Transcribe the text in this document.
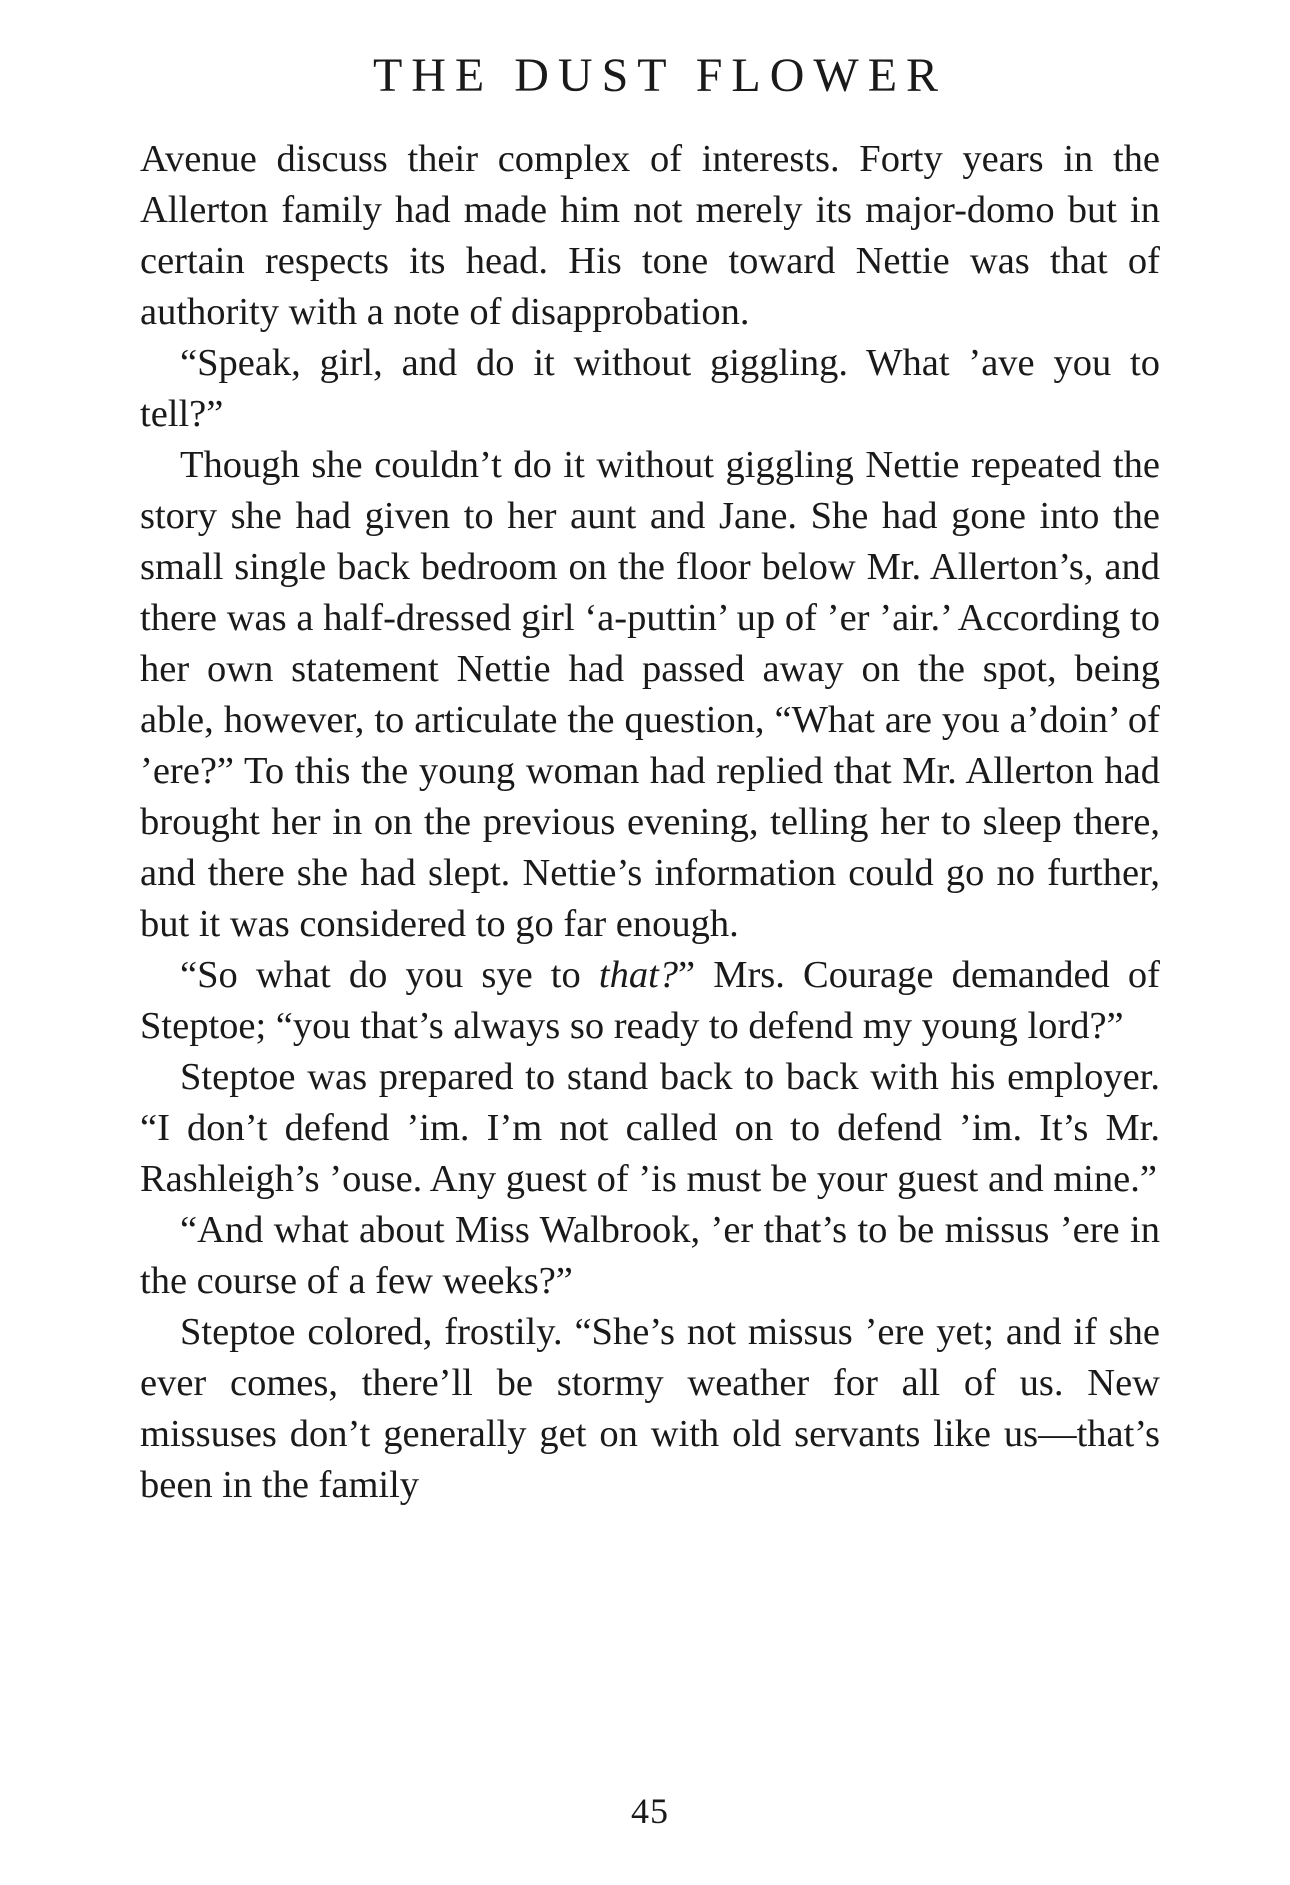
THE DUST FLOWER

Avenue discuss their complex of interests. Forty years in the Allerton family had made him not merely its major-domo but in certain respects its head. His tone toward Nettie was that of authority with a note of disapprobation.

“Speak, girl, and do it without giggling. What ’ave you to tell?”

Though she couldn’t do it without giggling Nettie repeated the story she had given to her aunt and Jane. She had gone into the small single back bedroom on the floor below Mr. Allerton’s, and there was a half-dressed girl ‘a-puttin’ up of ’er ’air.’ According to her own statement Nettie had passed away on the spot, being able, however, to articulate the question, “What are you a’doin’ of ’ere?” To this the young woman had replied that Mr. Allerton had brought her in on the previous evening, telling her to sleep there, and there she had slept. Nettie’s information could go no further, but it was considered to go far enough.

“So what do you sye to that?” Mrs. Courage demanded of Steptoe; “you that’s always so ready to defend my young lord?”

Steptoe was prepared to stand back to back with his employer. “I don’t defend ’im. I’m not called on to defend ’im. It’s Mr. Rashleigh’s ’ouse. Any guest of ’is must be your guest and mine.”

“And what about Miss Walbrook, ’er that’s to be missus ’ere in the course of a few weeks?”

Steptoe colored, frostily. “She’s not missus ’ere yet; and if she ever comes, there’ll be stormy weather for all of us. New missuses don’t generally get on with old servants like us—that’s been in the family

45
